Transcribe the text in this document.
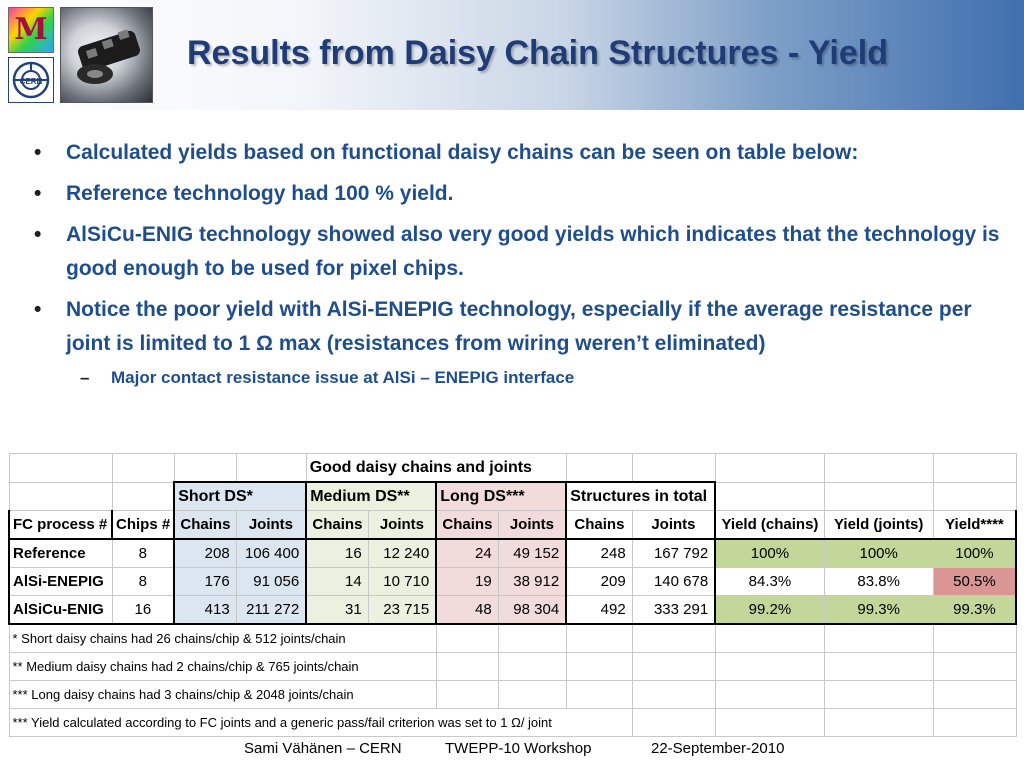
M
CERN
Results from Daisy Chain Structures - Yield
• Calculated yields based on functional daisy chains can be seen on table below:
• Reference technology had 100 % yield.
• AlSiCu-ENIG technology showed also very good yields which indicates that the technology is good enough to be used for pixel chips.
• Notice the poor yield with AlSi-ENEPIG technology, especially if the average resistance per joint is limited to 1 Ω max (resistances from wiring weren’t eliminated)
– Major contact resistance issue at AlSi – ENEPIG interface
				Good daisy chains and joints								
		Short DS*		Medium DS**		Long DS***		Structures in total				
FC process #	Chips #	Chains	Joints	Chains	Joints	Chains	Joints	Chains	Joints	Yield (chains)	Yield (joints)	Yield****
Reference	8	208	106 400	16	12 240	24	49 152	248	167 792	100%	100%	100%
AlSi-ENEPIG	8	176	91 056	14	10 710	19	38 912	209	140 678	84.3%	83.8%	50.5%
AlSiCu-ENIG	16	413	211 272	31	23 715	48	98 304	492	333 291	99.2%	99.3%	99.3%
* Short daisy chains had 26 chains/chip & 512 joints/chain												
** Medium daisy chains had 2 chains/chip & 765 joints/chain												
*** Long daisy chains had 3 chains/chip & 2048 joints/chain												
*** Yield calculated according to FC joints and a generic pass/fail criterion was set to 1 Ω/ joint												
Sami Vähänen – CERN	TWEPP-10 Workshop	22-September-2010
